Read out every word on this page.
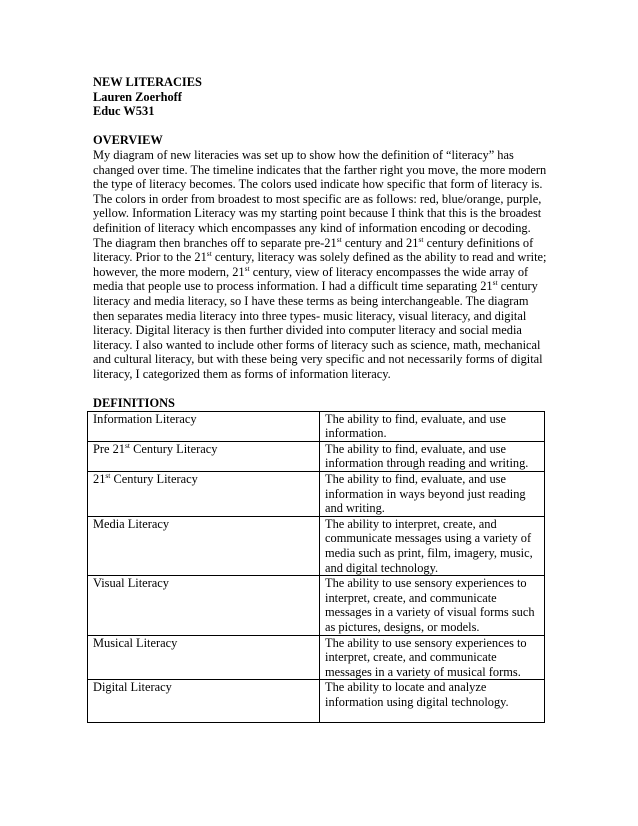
NEW LITERACIES
Lauren Zoerhoff
Educ W531
OVERVIEW
My diagram of new literacies was set up to show how the definition of “literacy” has changed over time. The timeline indicates that the farther right you move, the more modern the type of literacy becomes. The colors used indicate how specific that form of literacy is. The colors in order from broadest to most specific are as follows: red, blue/orange, purple, yellow. Information Literacy was my starting point because I think that this is the broadest definition of literacy which encompasses any kind of information encoding or decoding. The diagram then branches off to separate pre-21st century and 21st century definitions of literacy. Prior to the 21st century, literacy was solely defined as the ability to read and write; however, the more modern, 21st century, view of literacy encompasses the wide array of media that people use to process information. I had a difficult time separating 21st century literacy and media literacy, so I have these terms as being interchangeable. The diagram then separates media literacy into three types- music literacy, visual literacy, and digital literacy. Digital literacy is then further divided into computer literacy and social media literacy. I also wanted to include other forms of literacy such as science, math, mechanical and cultural literacy, but with these being very specific and not necessarily forms of digital literacy, I categorized them as forms of information literacy.
DEFINITIONS
Information Literacy	The ability to find, evaluate, and use information.
Pre 21st Century Literacy	The ability to find, evaluate, and use information through reading and writing.
21st Century Literacy	The ability to find, evaluate, and use information in ways beyond just reading and writing.
Media Literacy	The ability to interpret, create, and communicate messages using a variety of media such as print, film, imagery, music, and digital technology.
Visual Literacy	The ability to use sensory experiences to interpret, create, and communicate messages in a variety of visual forms such as pictures, designs, or models.
Musical Literacy	The ability to use sensory experiences to interpret, create, and communicate messages in a variety of musical forms.
Digital Literacy	The ability to locate and analyze information using digital technology.
